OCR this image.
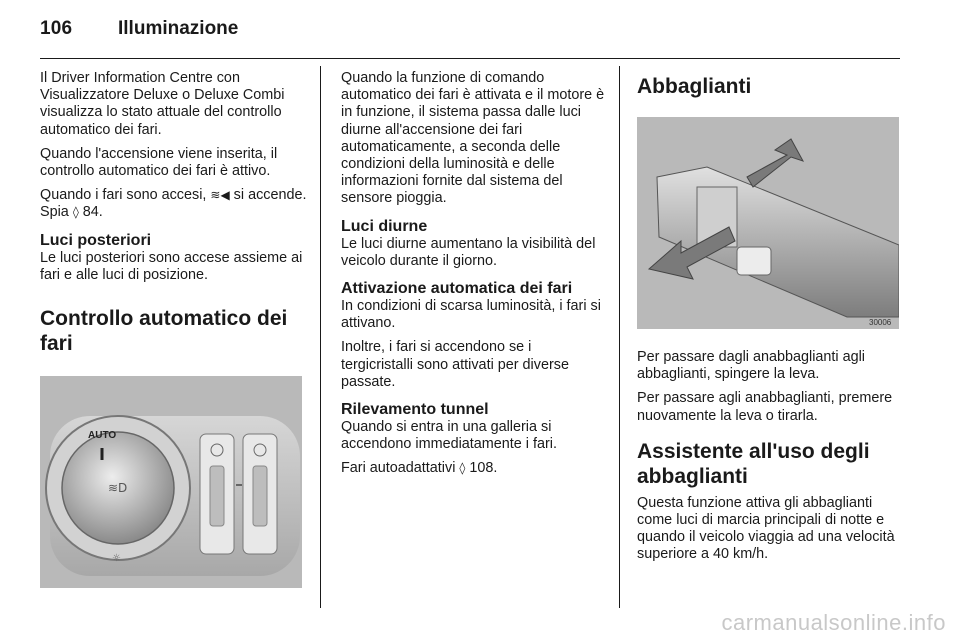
106 Illuminazione

Il Driver Information Centre con Visualizzatore Deluxe o Deluxe Combi visualizza lo stato attuale del controllo automatico dei fari.

Quando l'accensione viene inserita, il controllo automatico dei fari è attivo.

Quando i fari sono accesi, ≋◀ si accende. Spia ◊ 84.

Luci posteriori

Le luci posteriori sono accese assieme ai fari e alle luci di posizione.

Controllo automatico dei fari
AUTO
≋D
☼

Quando la funzione di comando automatico dei fari è attivata e il motore è in funzione, il sistema passa dalle luci diurne all'accensione dei fari automaticamente, a seconda delle condizioni della luminosità e delle informazioni fornite dal sistema del sensore pioggia.

Luci diurne

Le luci diurne aumentano la visibilità del veicolo durante il giorno.

Attivazione automatica dei fari

In condizioni di scarsa luminosità, i fari si attivano.

Inoltre, i fari si accendono se i tergicristalli sono attivati per diverse passate.

Rilevamento tunnel

Quando si entra in una galleria si accendono immediatamente i fari.

Fari autoadattativi ◊ 108.

Abbaglianti
30006

Per passare dagli anabbaglianti agli abbaglianti, spingere la leva.

Per passare agli anabbaglianti, premere nuovamente la leva o tirarla.

Assistente all'uso degli abbaglianti

Questa funzione attiva gli abbaglianti come luci di marcia principali di notte e quando il veicolo viaggia ad una velocità superiore a 40 km/h.

carmanualsonline.info
